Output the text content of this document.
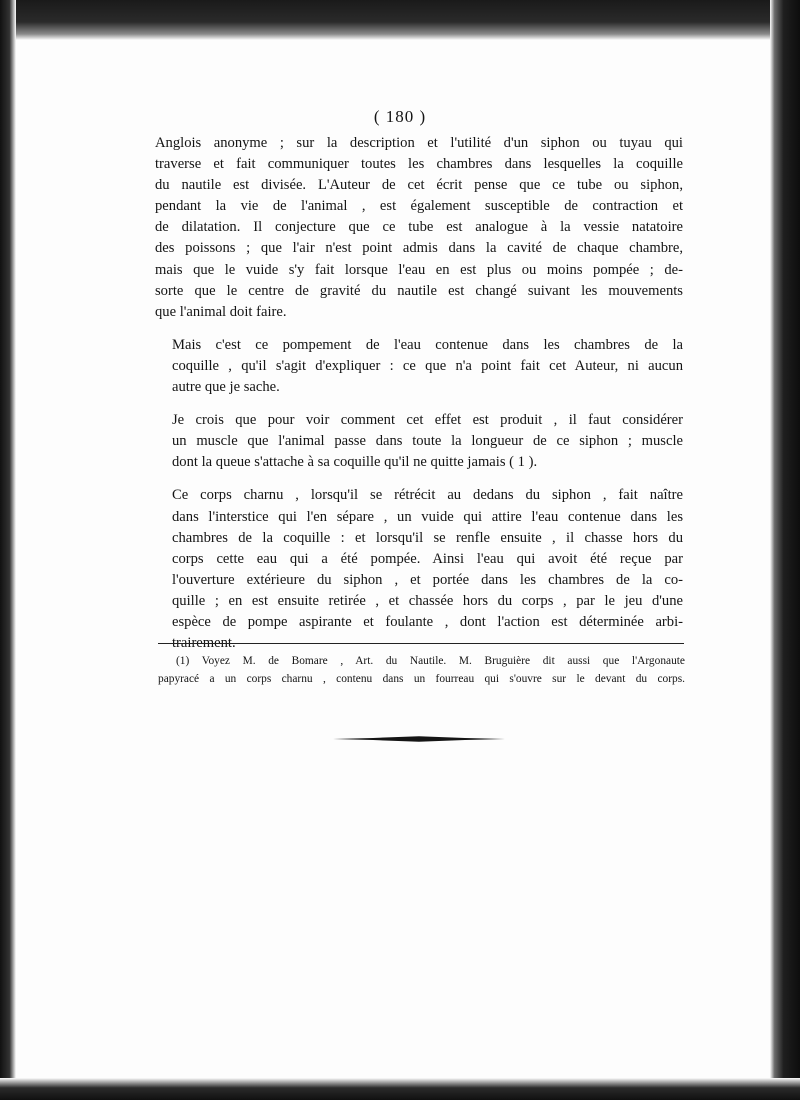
( 180 )

Anglois anonyme ; sur la description et l'utilité d'un siphon ou tuyau qui
traverse et fait communiquer toutes les chambres dans lesquelles la coquille
du nautile est divisée. L'Auteur de cet écrit pense que ce tube ou siphon,
pendant la vie de l'animal , est également susceptible de contraction et
de dilatation. Il conjecture que ce tube est analogue à la vessie natatoire
des poissons ; que l'air n'est point admis dans la cavité de chaque chambre,
mais que le vuide s'y fait lorsque l'eau en est plus ou moins pompée ; de-
sorte que le centre de gravité du nautile est changé suivant les mouvements
que l'animal doit faire.

Mais c'est ce pompement de l'eau contenue dans les chambres de la
coquille , qu'il s'agit d'expliquer : ce que n'a point fait cet Auteur, ni aucun
autre que je sache.

Je crois que pour voir comment cet effet est produit , il faut considérer
un muscle que l'animal passe dans toute la longueur de ce siphon ; muscle
dont la queue s'attache à sa coquille qu'il ne quitte jamais ( 1 ).

Ce corps charnu , lorsqu'il se rétrécit au dedans du siphon , fait naître
dans l'interstice qui l'en sépare , un vuide qui attire l'eau contenue dans les
chambres de la coquille : et lorsqu'il se renfle ensuite , il chasse hors du
corps cette eau qui a été pompée. Ainsi l'eau qui avoit été reçue par
l'ouverture extérieure du siphon , et portée dans les chambres de la co-
quille ; en est ensuite retirée , et chassée hors du corps , par le jeu d'une
espèce de pompe aspirante et foulante , dont l'action est déterminée arbi-
trairement.

(1) Voyez M. de Bomare , Art. du Nautile. M. Bruguière dit aussi que l'Argonaute
papyracé a un corps charnu , contenu dans un fourreau qui s'ouvre sur le devant du corps.
